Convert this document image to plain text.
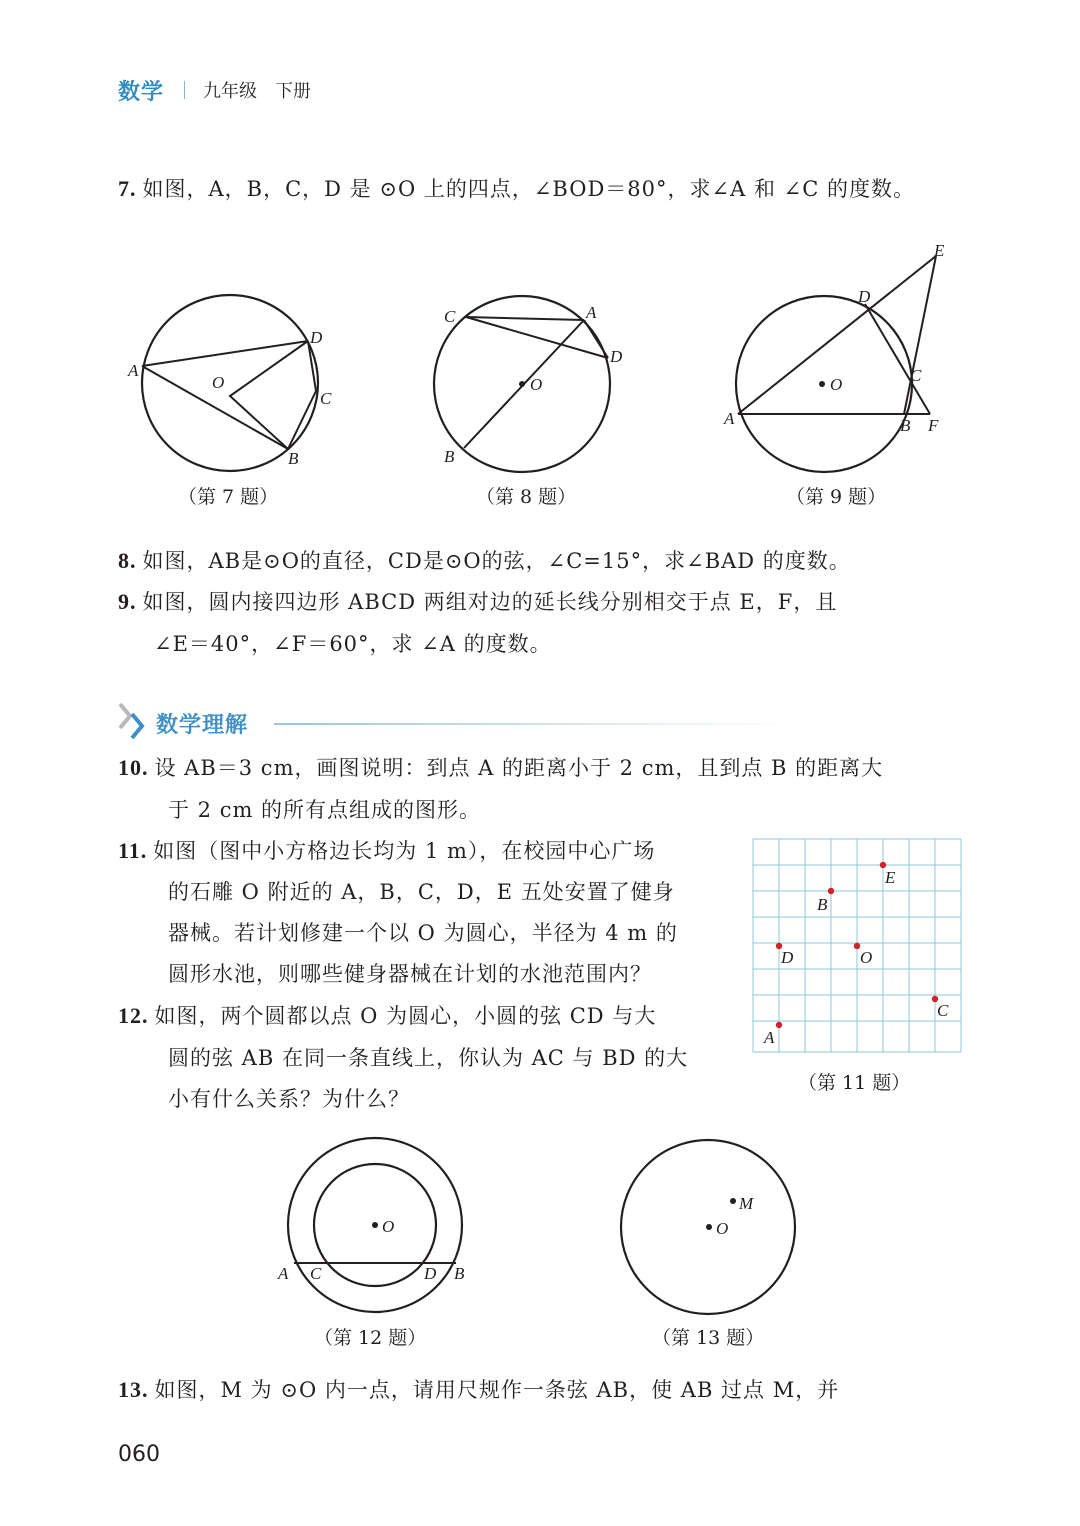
数学 九年级 下册
7. 如图，A，B，C，D 是 ⊙O 上的四点，∠BOD＝80°，求∠A 和 ∠C 的度数。
A
D
C
B
O
（第 7 题）
C	A
D
O
B
（第 8 题）
E
D
C
O
A	B F
（第 9 题）
8. 如图，AB是⊙O的直径，CD是⊙O的弦，∠C=15°，求∠BAD 的度数。
9. 如图，圆内接四边形 ABCD 两组对边的延长线分别相交于点 E，F，且
∠E＝40°，∠F＝60°，求 ∠A 的度数。
数学理解
10. 设 AB＝3 cm，画图说明：到点 A 的距离小于 2 cm，且到点 B 的距离大
于 2 cm 的所有点组成的图形。
11. 如图（图中小方格边长均为 1 m），在校园中心广场
的石雕 O 附近的 A，B，C，D，E 五处安置了健身
器械。若计划修建一个以 O 为圆心，半径为 4 m 的
圆形水池，则哪些健身器械在计划的水池范围内？
E
B
D	O
C
A
（第 11 题）
12. 如图，两个圆都以点 O 为圆心，小圆的弦 CD 与大
圆的弦 AB 在同一条直线上，你认为 AC 与 BD 的大
小有什么关系？为什么？
O
A C	D B
（第 12 题）
O
M
（第 13 题）
13. 如图，M 为 ⊙O 内一点，请用尺规作一条弦 AB，使 AB 过点 M，并
060
